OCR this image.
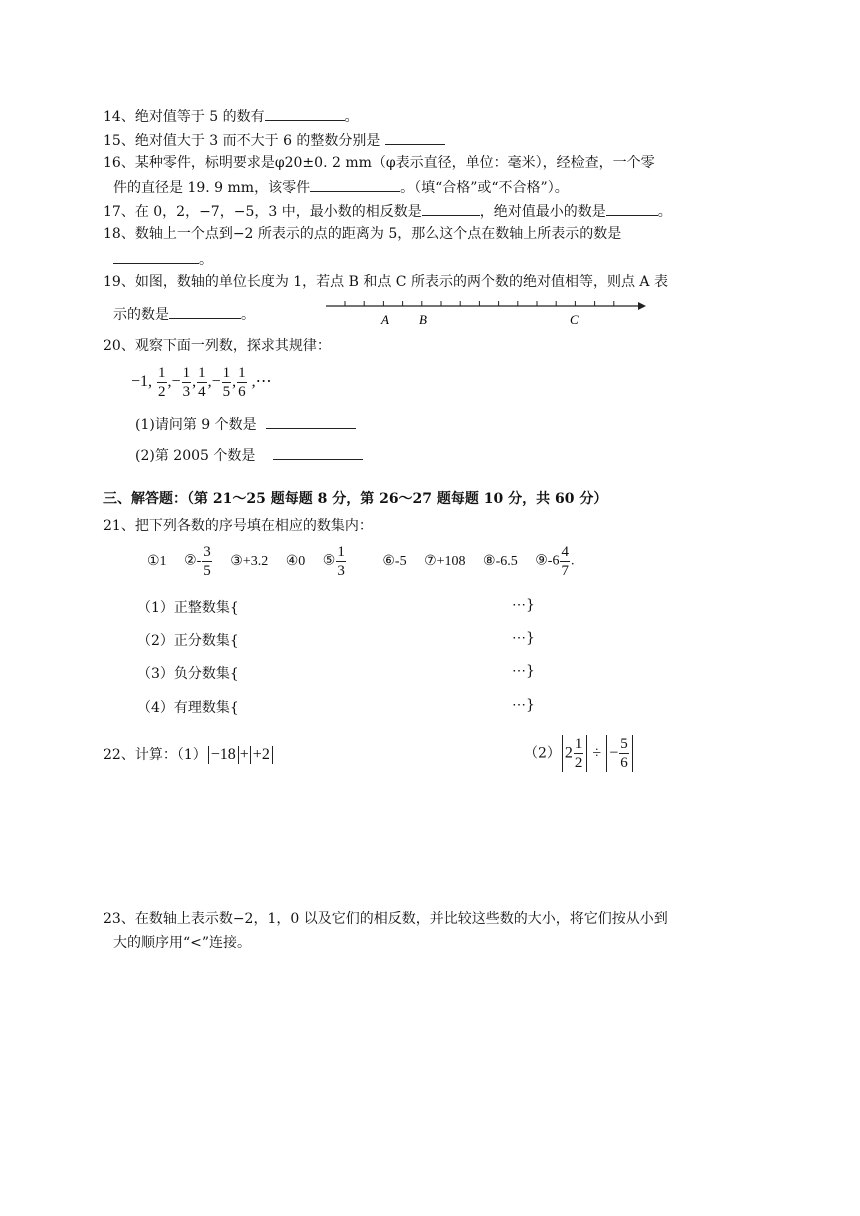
14、绝对值等于 5 的数有	。
15、绝对值大于 3 而不大于 6 的整数分别是
16、某种零件，标明要求是φ20±0. 2 mm（φ表示直径，单位：毫米），经检查，一个零
件的直径是 19. 9 mm，该零件	。（填“合格”或“不合格”）。
17、在 0，2，−7，−5，3 中，最小数的相反数是	，绝对值最小的数是	。
18、数轴上一个点到−2 所表示的点的距离为 5，那么这个点在数轴上所表示的数是
。
19、如图，数轴的单位长度为 1，若点 B 和点 C 所表示的两个数的绝对值相等，则点 A 表
示的数是	。	A B	C
20、观察下面一列数，探求其规律：
−1, $\frac{1}{2}$ ,− $\frac{1}{3}$ , $\frac{1}{4}$ ,− $\frac{1}{5}$ , $\frac{1}{6}$ ,⋯
(1)请问第 9 个数是
(2)第 2005 个数是
三、解答题：（第 21～25 题每题 8 分，第 26～27 题每题 10 分，共 60 分）
21、把下列各数的序号填在相应的数集内：
①1 ②- $\frac{3}{5}$ ③+3.2 ④0 ⑤ $\frac{1}{3}$	⑥-5 ⑦+108 ⑧-6.5 ⑨-6 $\frac{4}{7}$ .
（1）正整数集{	⋯}
（2）正分数集{	⋯}
（3）负分数集{	⋯}
（4）有理数集{	⋯}
22、计算：（1） −18 + +2	（2） $2 \frac{1}{2}$ ÷ − $\frac{5}{6}$
23、在数轴上表示数−2，1，0 以及它们的相反数，并比较这些数的大小，将它们按从小到
大的顺序用“<”连接。
